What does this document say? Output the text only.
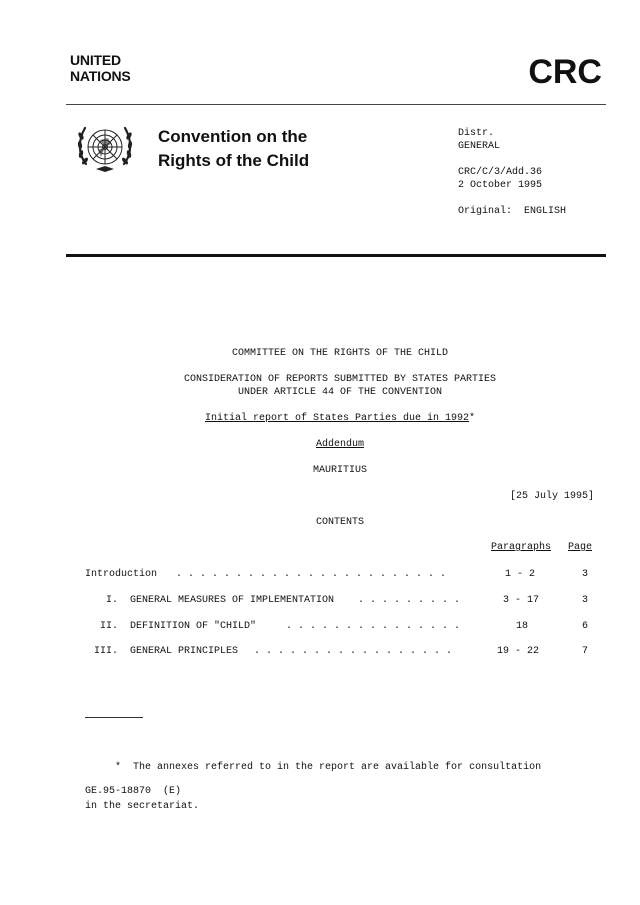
UNITED
NATIONS	CRC
Convention on the
Rights of the Child
Distr.
GENERAL
CRC/C/3/Add.36
2 October 1995
Original:  ENGLISH
COMMITTEE ON THE RIGHTS OF THE CHILD
CONSIDERATION OF REPORTS SUBMITTED BY STATES PARTIES
UNDER ARTICLE 44 OF THE CONVENTION
Initial report of States Parties due in 1992*
Addendum
MAURITIUS
[25 July 1995]
CONTENTS
Paragraphs Page
Introduction . . . . . . . . . . . . . . . . . . . . . . .	1 - 2	3
I. GENERAL MEASURES OF IMPLEMENTATION . . . . . . . . .	3 - 17	3
II. DEFINITION OF "CHILD"	. . . . . . . . . . . . . . .	18	6
III. GENERAL PRINCIPLES . . . . . . . . . . . . . . . . .	19 - 22	7

*  The annexes referred to in the report are available for consultation

in the secretariat.

GE.95-18870  (E)
